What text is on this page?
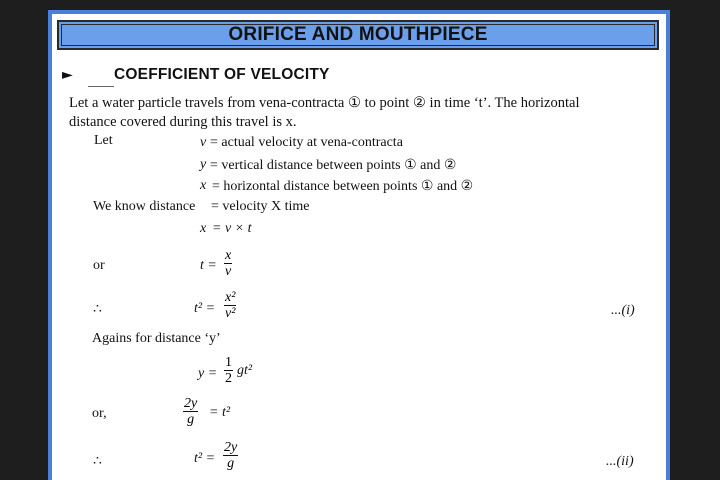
ORIFICE AND MOUTHPIECE
►	COEFFICIENT OF VELOCITY
Let a water particle travels from vena-contracta ① to point ② in time ‘t’. The horizontal
distance covered during this travel is x.
Let	v = actual velocity at vena-contracta
y = vertical distance between points ① and ②
x = horizontal distance between points ① and ②
We know distance = velocity X time
x = v × t
or	t =
x
v
∴	t² =
x²
v²	...(i)
Agains for distance ‘y’
y =
1
2
gt²
or,
2y
g = t²
∴	t² =
2y
g	...(ii)
